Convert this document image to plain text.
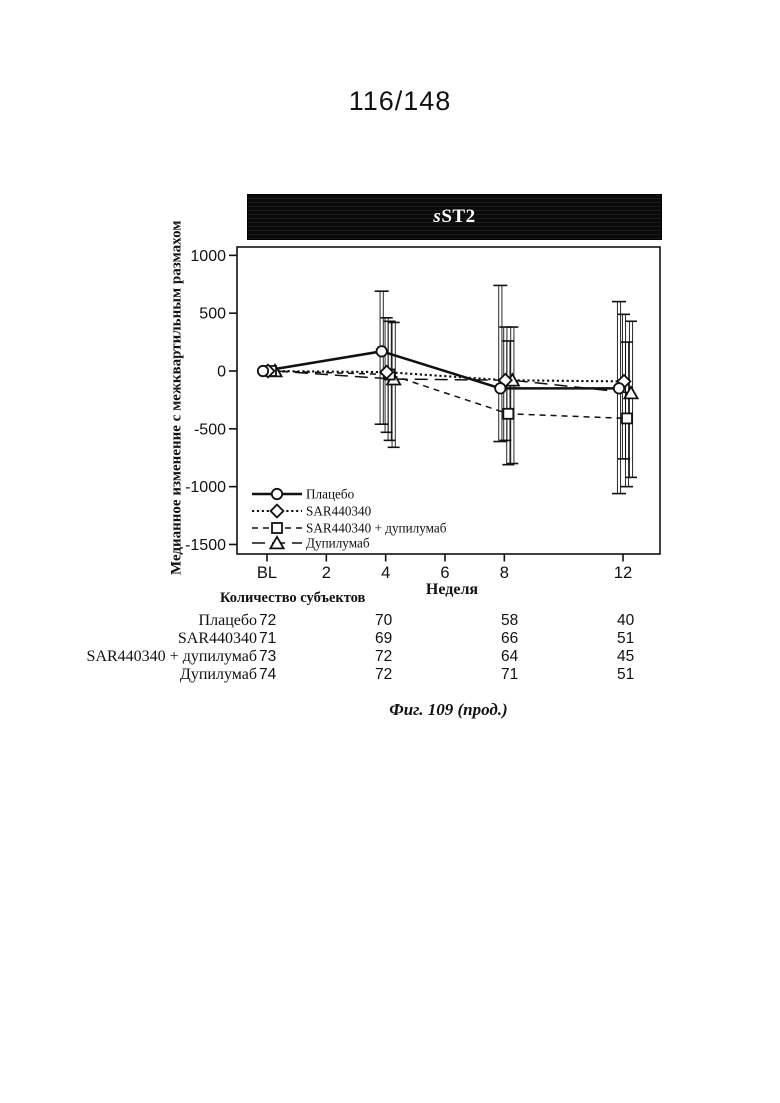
116/148
sST2
Медианное изменение с межквартильным размахом 1000
500
0
-500
-1000
-1500
BL	2	4	6	8	12
Неделя
Плацебо
SAR440340
SAR440340 + дупилумаб
Дупилумаб
Количество субъектов
Плацебо 72	70	58	40
SAR440340 71	69	66	51
SAR440340 + дупилумаб 73	72	64	45
Дупилумаб 74	72	71	51
Фиг. 109 (прод.)
